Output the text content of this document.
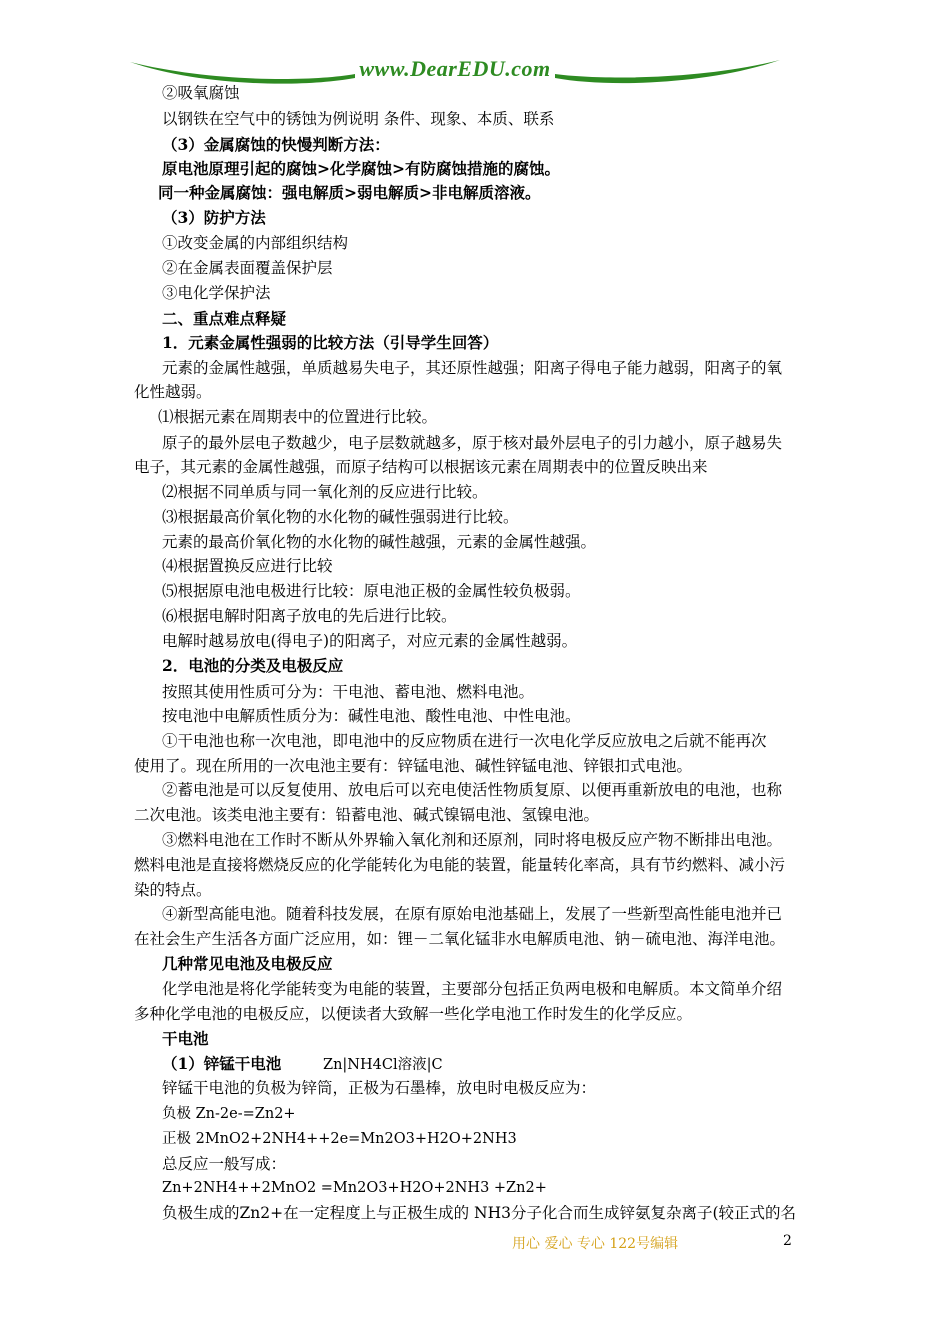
www.DearEDU.com
②吸氧腐蚀
以钢铁在空气中的锈蚀为例说明 条件、现象、本质、联系
（3）金属腐蚀的快慢判断方法：
原电池原理引起的腐蚀>化学腐蚀>有防腐蚀措施的腐蚀。
同一种金属腐蚀：强电解质>弱电解质>非电解质溶液。
（3）防护方法
①改变金属的内部组织结构
②在金属表面覆盖保护层
③电化学保护法
二、重点难点释疑
1．元素金属性强弱的比较方法（引导学生回答）
元素的金属性越强，单质越易失电子，其还原性越强；阳离子得电子能力越弱，阳离子的氧
化性越弱。
⑴根据元素在周期表中的位置进行比较。
原子的最外层电子数越少，电子层数就越多，原于核对最外层电子的引力越小，原子越易失
电子，其元素的金属性越强，而原子结构可以根据该元素在周期表中的位置反映出来
⑵根据不同单质与同一氧化剂的反应进行比较。
⑶根据最高价氧化物的水化物的碱性强弱进行比较。
元素的最高价氧化物的水化物的碱性越强，元素的金属性越强。
⑷根据置换反应进行比较
⑸根据原电池电极进行比较：原电池正极的金属性较负极弱。
⑹根据电解时阳离子放电的先后进行比较。
电解时越易放电(得电子)的阳离子，对应元素的金属性越弱。
2．电池的分类及电极反应
按照其使用性质可分为：干电池、蓄电池、燃料电池。
按电池中电解质性质分为：碱性电池、酸性电池、中性电池。
①干电池也称一次电池，即电池中的反应物质在进行一次电化学反应放电之后就不能再次
使用了。现在所用的一次电池主要有：锌锰电池、碱性锌锰电池、锌银扣式电池。
②蓄电池是可以反复使用、放电后可以充电使活性物质复原、以便再重新放电的电池，也称
二次电池。该类电池主要有：铅蓄电池、碱式镍镉电池、氢镍电池。
③燃料电池在工作时不断从外界输入氧化剂和还原剂，同时将电极反应产物不断排出电池。
燃料电池是直接将燃烧反应的化学能转化为电能的装置，能量转化率高，具有节约燃料、减小污
染的特点。
④新型高能电池。随着科技发展，在原有原始电池基础上，发展了一些新型高性能电池并已
在社会生产生活各方面广泛应用，如：锂－二氧化锰非水电解质电池、钠－硫电池、海洋电池。
几种常见电池及电极反应
化学电池是将化学能转变为电能的装置，主要部分包括正负两电极和电解质。本文简单介绍
多种化学电池的电极反应，以便读者大致解一些化学电池工作时发生的化学反应。
干电池
（1）锌锰干电池	Zn|NH4Cl溶液|C
锌锰干电池的负极为锌筒，正极为石墨棒，放电时电极反应为：
负极 Zn-2e-=Zn2+
正极 2MnO2+2NH4++2e=Mn2O3+H2O+2NH3
总反应一般写成：
Zn+2NH4++2MnO2 =Mn2O3+H2O+2NH3 +Zn2+
负极生成的Zn2+在一定程度上与正极生成的 NH3分子化合而生成锌氨复杂离子(较正式的名
用心 爱心 专心 122号编辑	2
